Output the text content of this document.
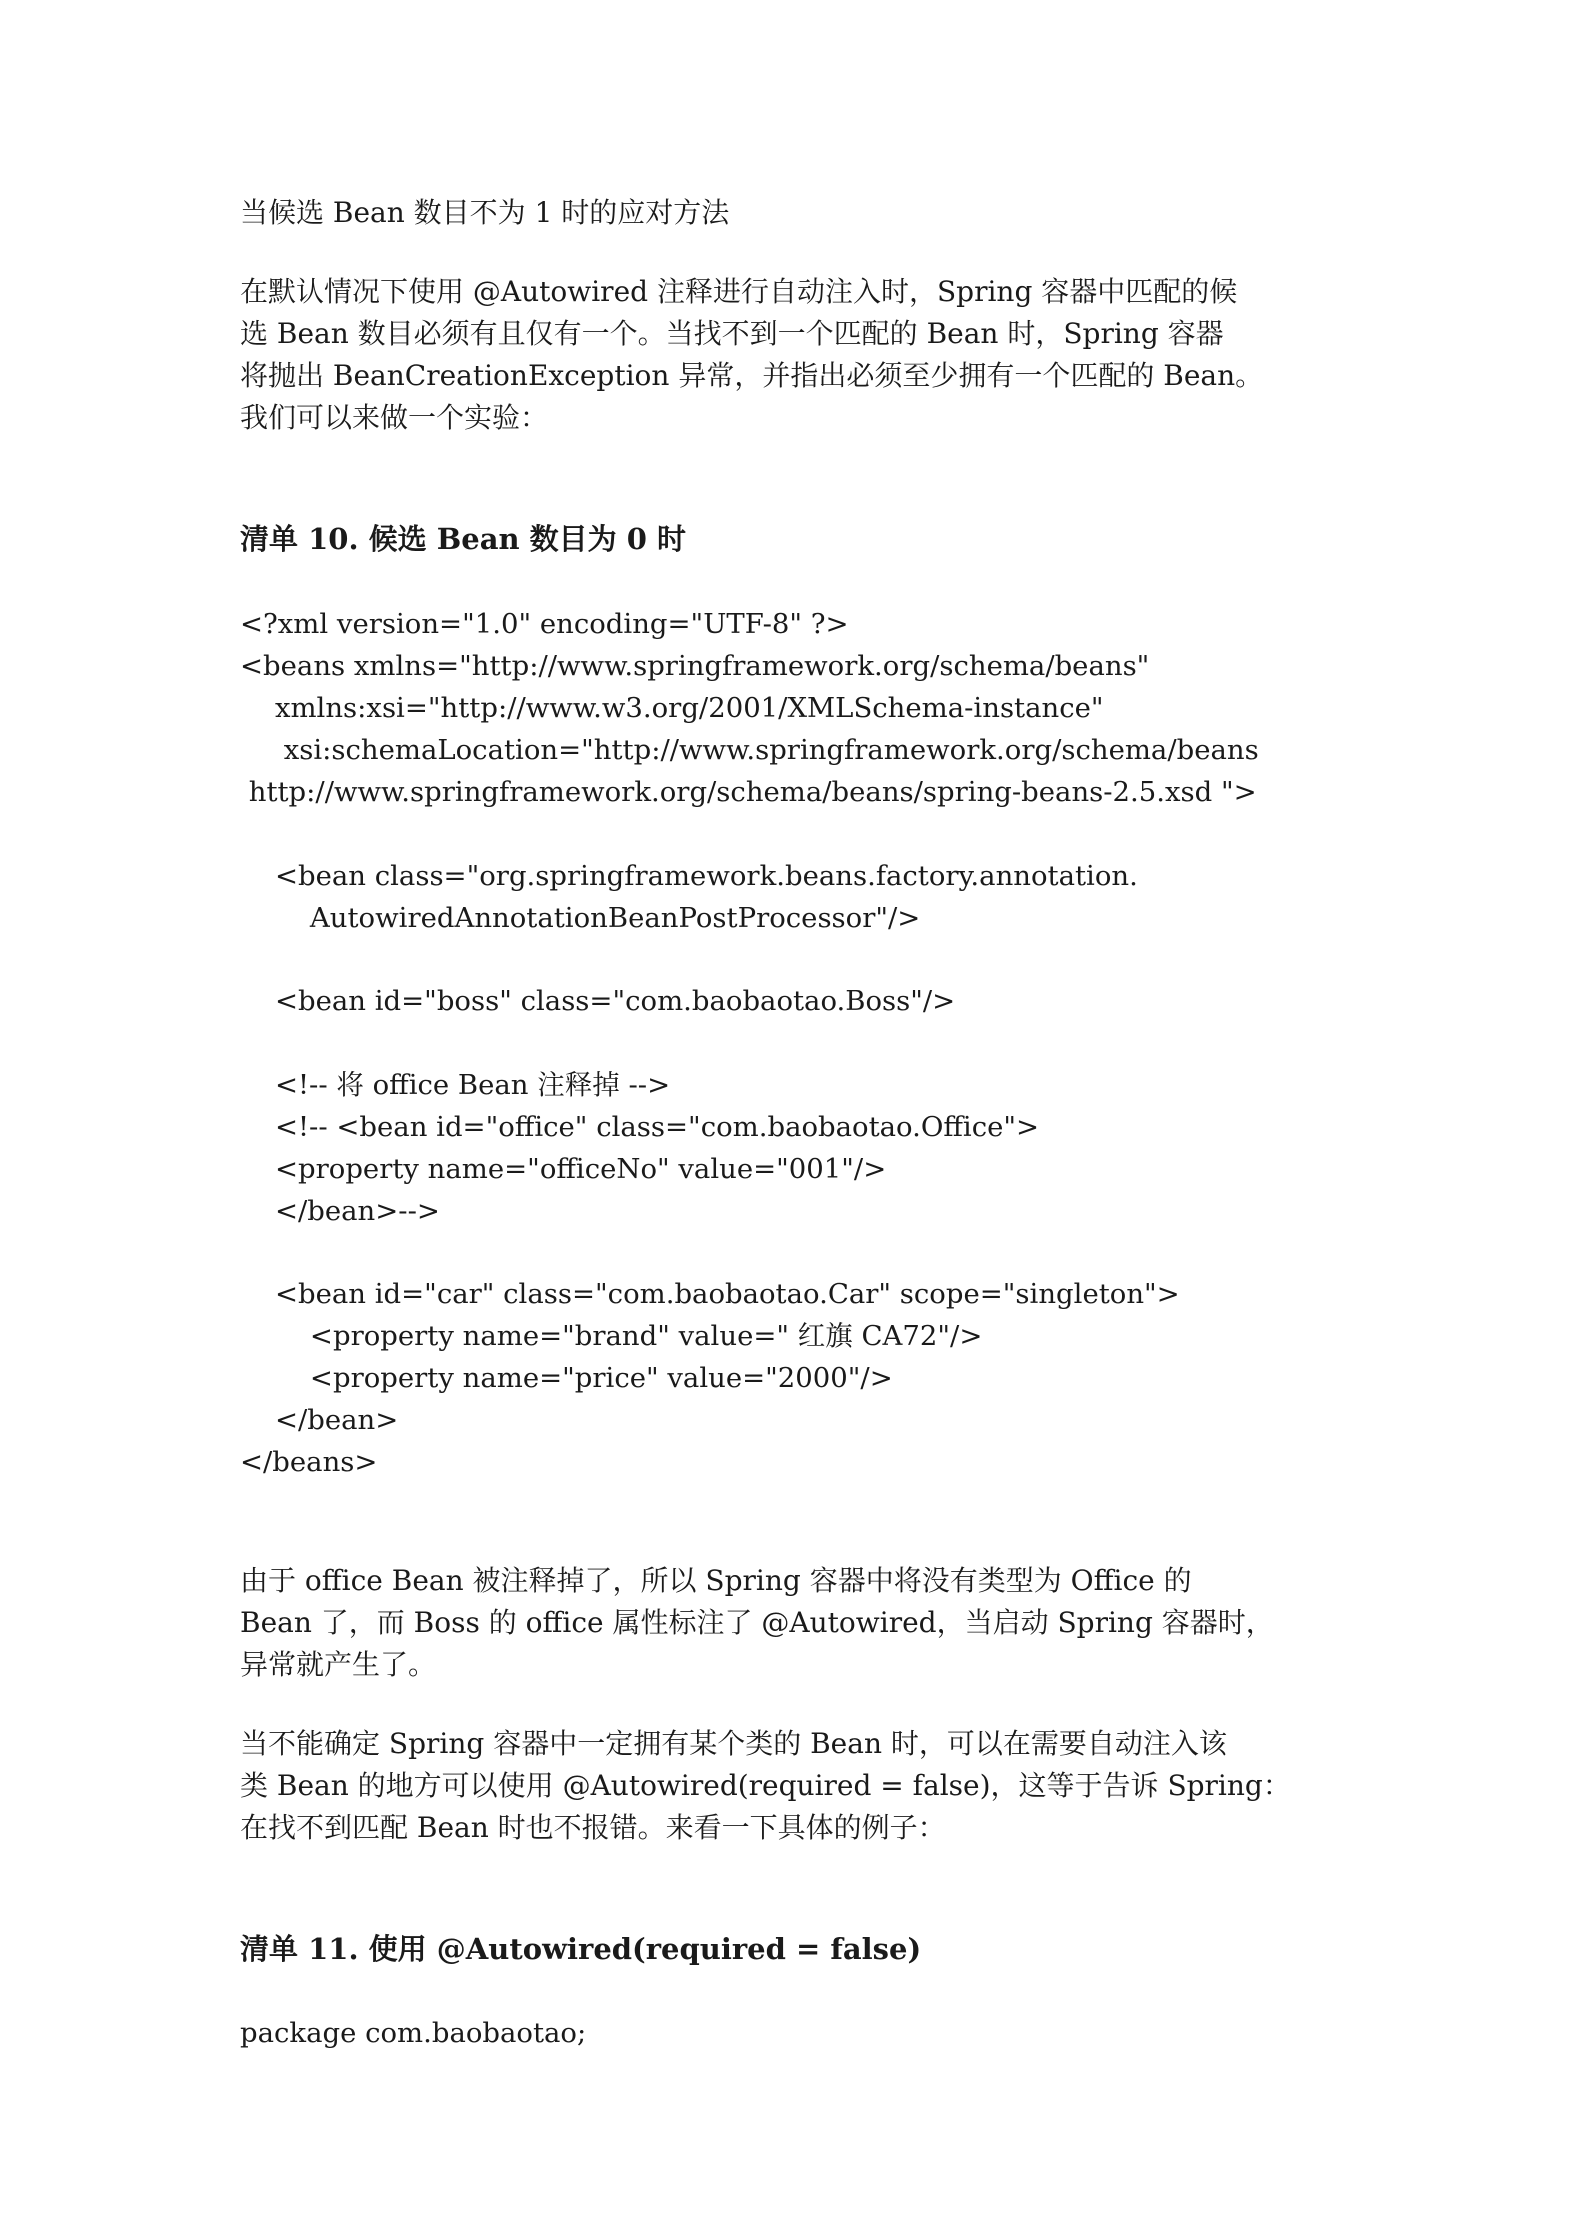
当候选 Bean 数目不为 1 时的应对方法

在默认情况下使用 @Autowired 注释进行自动注入时，Spring 容器中匹配的候

选 Bean 数目必须有且仅有一个。当找不到一个匹配的 Bean 时，Spring 容器

将抛出 BeanCreationException 异常，并指出必须至少拥有一个匹配的 Bean。

我们可以来做一个实验：

清单 10. 候选 Bean 数目为 0 时

<?xml version="1.0" encoding="UTF-8" ?>

<beans xmlns="http://www.springframework.org/schema/beans"

xmlns:xsi="http://www.w3.org/2001/XMLSchema-instance"

xsi:schemaLocation="http://www.springframework.org/schema/beans

http://www.springframework.org/schema/beans/spring-beans-2.5.xsd ">

<bean class="org.springframework.beans.factory.annotation.

AutowiredAnnotationBeanPostProcessor"/>

<bean id="boss" class="com.baobaotao.Boss"/>

<!-- 将 office Bean 注释掉 -->

<!-- <bean id="office" class="com.baobaotao.Office">

<property name="officeNo" value="001"/>

</bean>-->

<bean id="car" class="com.baobaotao.Car" scope="singleton">

<property name="brand" value=" 红旗 CA72"/>

<property name="price" value="2000"/>

</bean>

</beans>

由于 office Bean 被注释掉了，所以 Spring 容器中将没有类型为 Office 的

Bean 了，而 Boss 的 office 属性标注了 @Autowired，当启动 Spring 容器时，

异常就产生了。

当不能确定 Spring 容器中一定拥有某个类的 Bean 时，可以在需要自动注入该

类 Bean 的地方可以使用 @Autowired(required = false)，这等于告诉 Spring：

在找不到匹配 Bean 时也不报错。来看一下具体的例子：

清单 11. 使用 @Autowired(required = false)

package com.baobaotao;
